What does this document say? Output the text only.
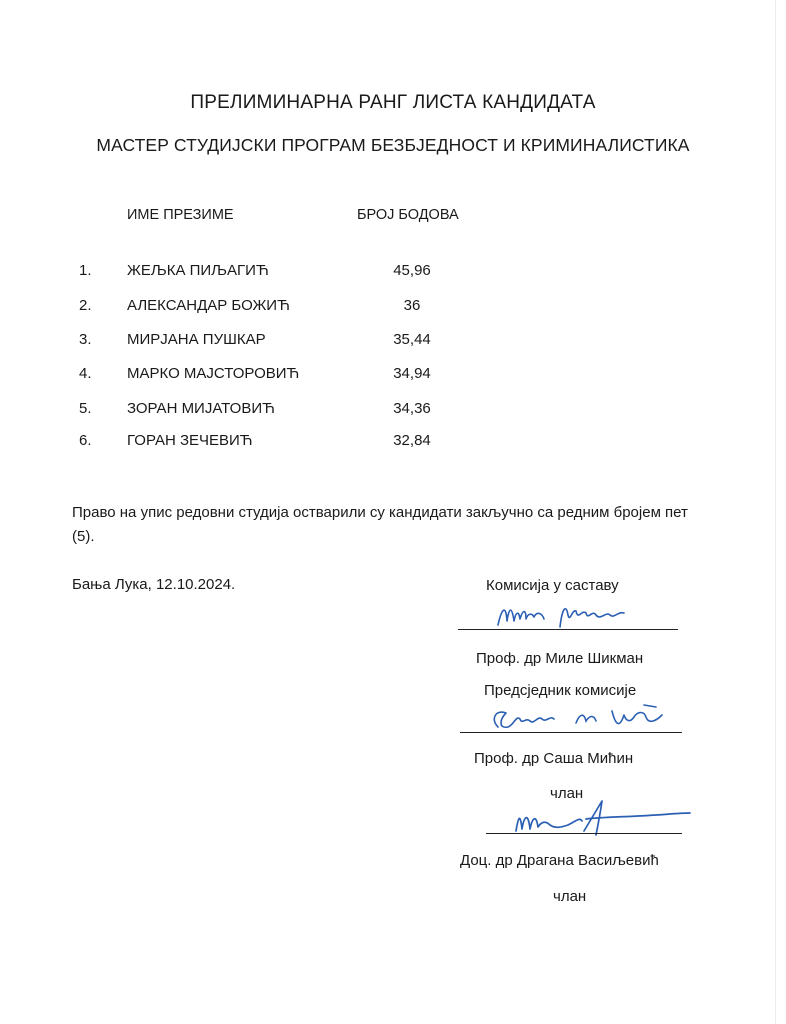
ПРЕЛИМИНАРНА РАНГ ЛИСТА КАНДИДАТА
МАСТЕР СТУДИЈСКИ ПРОГРАМ БЕЗБЈЕДНОСТ И КРИМИНАЛИСТИКА
ИМЕ ПРЕЗИМЕ	БРОЈ БОДОВА
1. ЖЕЉКА ПИЉАГИЋ	45,96
2. АЛЕКСАНДАР БОЖИЋ	36
3. МИРЈАНА ПУШКАР	35,44
4. МАРКО МАЈСТОРОВИЋ	34,94
5. ЗОРАН МИЈАТОВИЋ	34,36
6. ГОРАН ЗЕЧЕВИЋ	32,84
Право на упис редовни студија остварили су кандидати закључно са редним бројем пет (5).
Бања Лука, 12.10.2024.	Комисија у саставу
Проф. др Миле Шикман
Предсједник комисије
Проф. др Саша Мићин
члан
Доц. др Драгана Васиљевић
члан
